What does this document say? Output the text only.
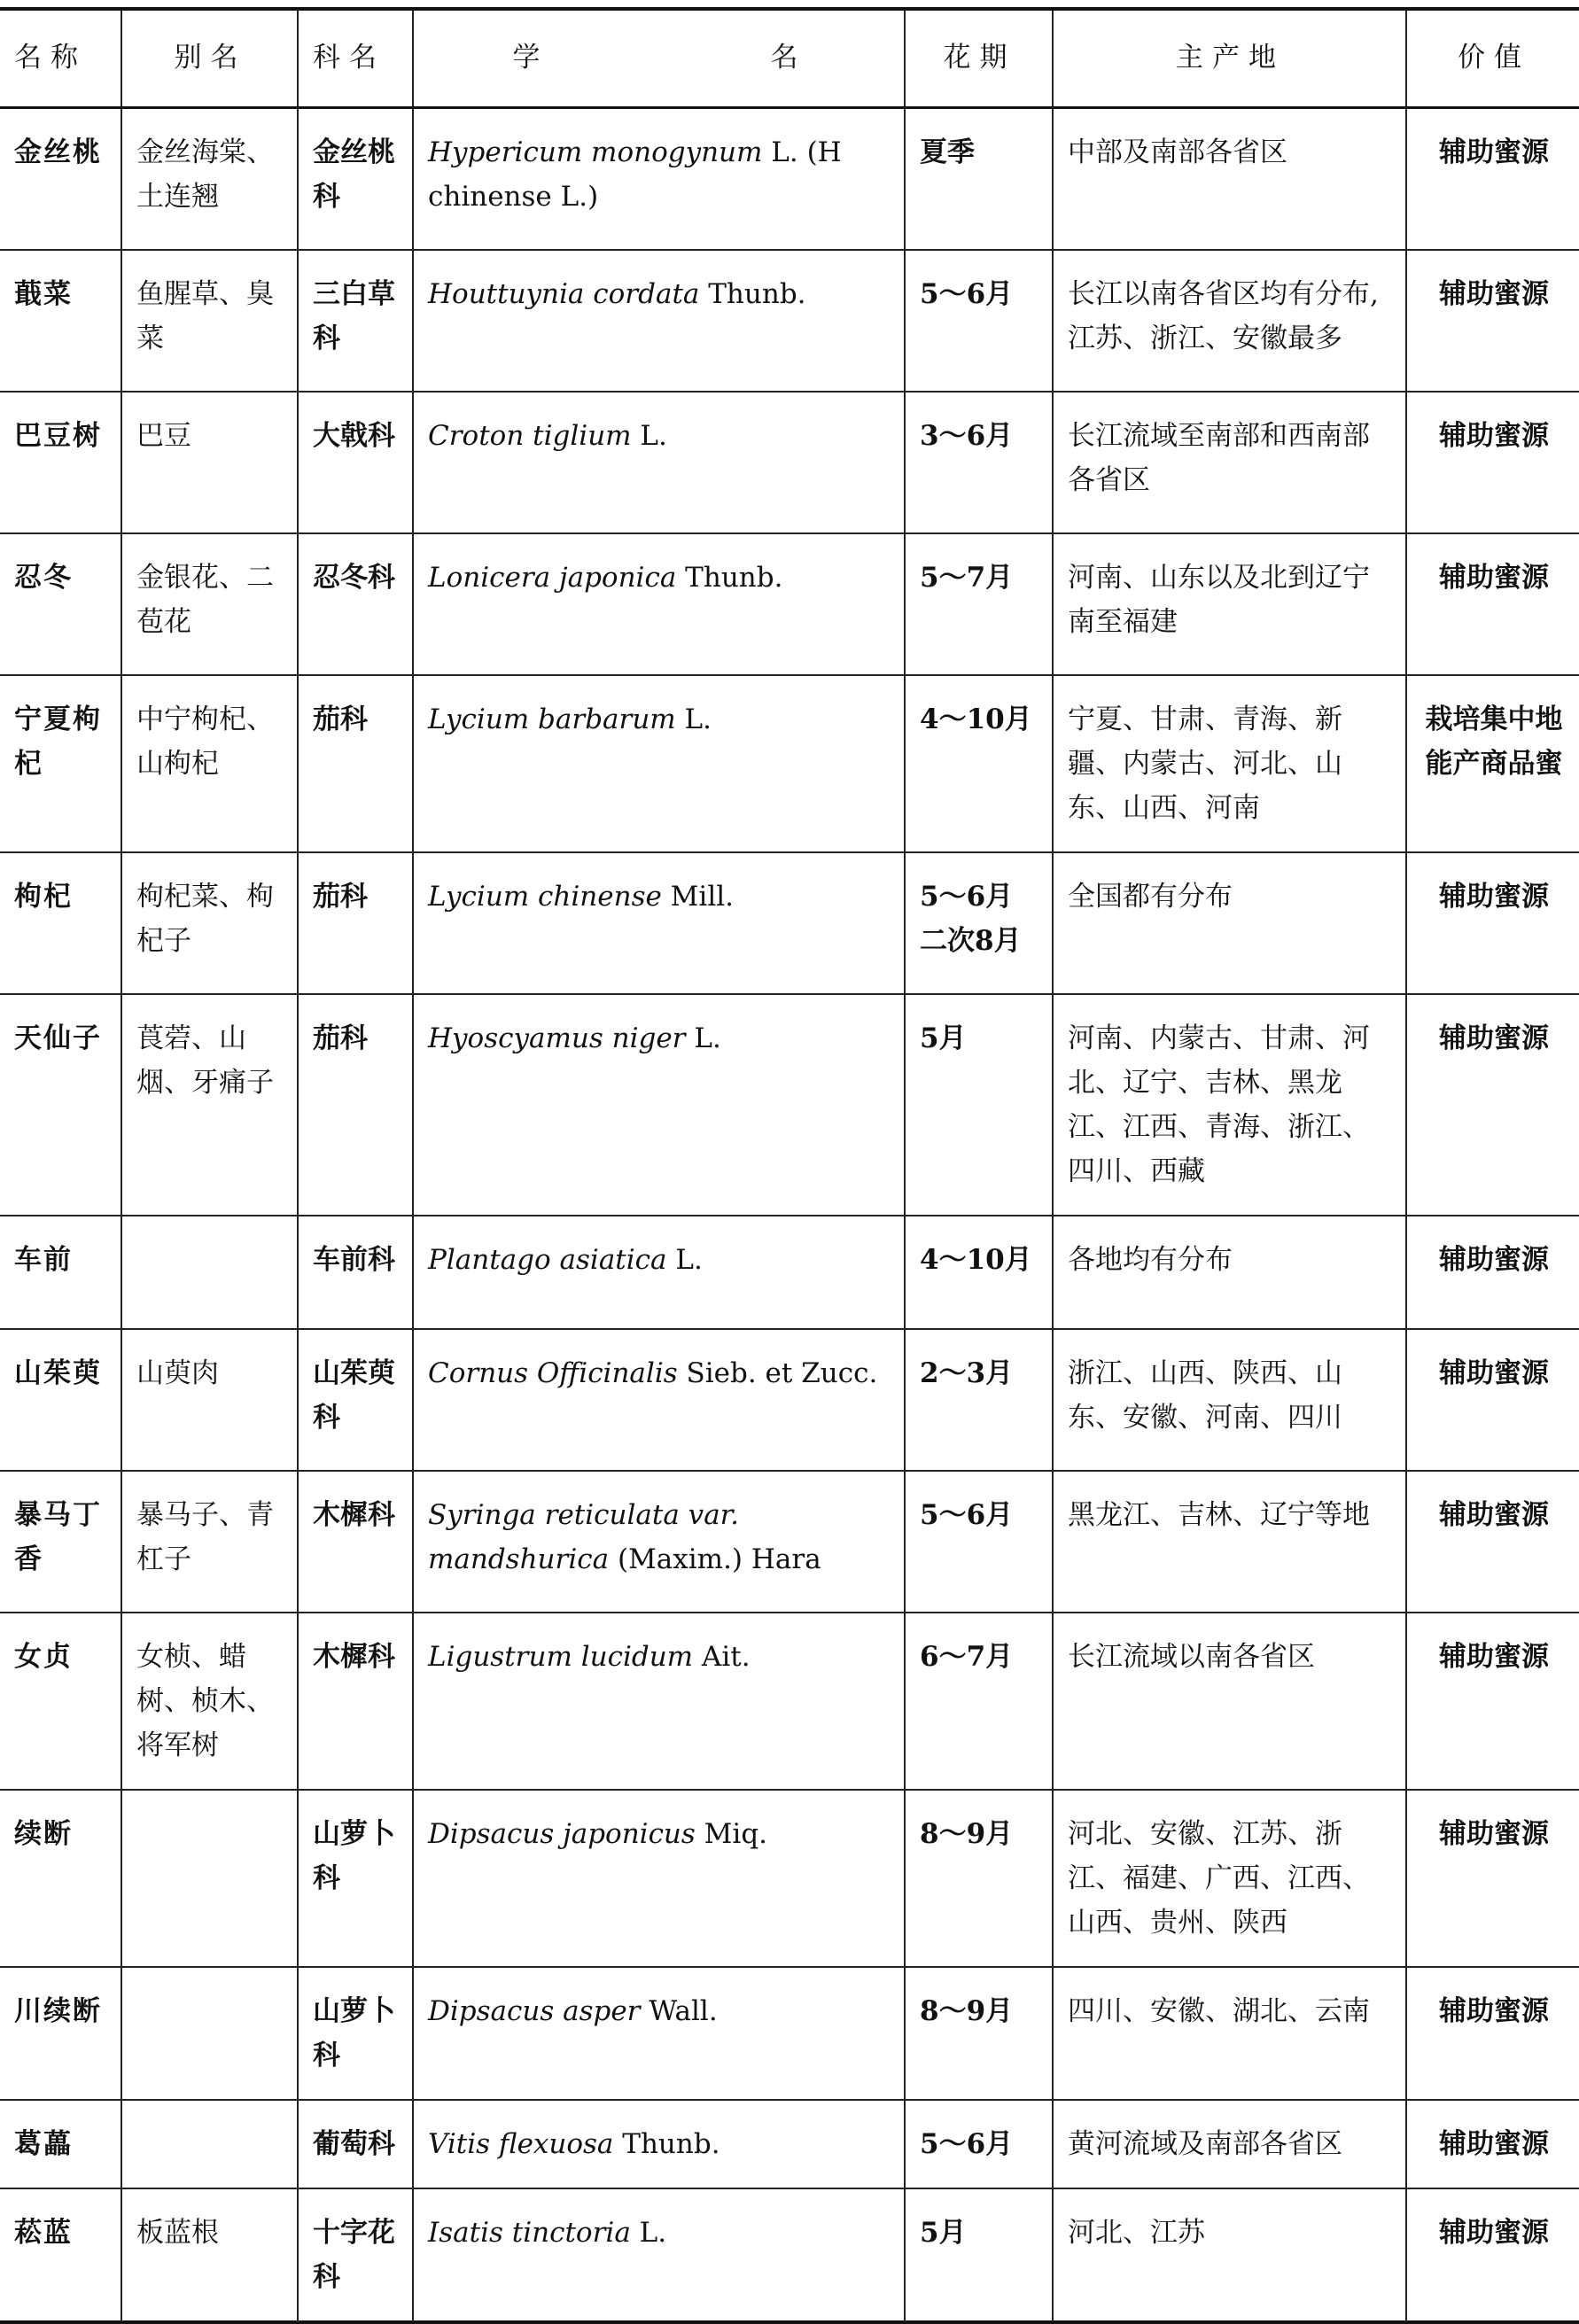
名称	别名	科名	学 名	花期	主产地	价值
金丝桃	金丝海棠、土连翘	金丝桃科	Hypericum monogynum L. (H chinense L.)	夏季	中部及南部各省区	辅助蜜源
蕺菜	鱼腥草、臭菜	三白草科	Houttuynia cordata Thunb.	5～6月	长江以南各省区均有分布,江苏、浙江、安徽最多	辅助蜜源
巴豆树	巴豆	大戟科	Croton tiglium L.	3～6月	长江流域至南部和西南部各省区	辅助蜜源
忍冬	金银花、二苞花	忍冬科	Lonicera japonica Thunb.	5～7月	河南、山东以及北到辽宁南至福建	辅助蜜源
宁夏枸杞	中宁枸杞、山枸杞	茄科	Lycium barbarum L.	4～10月	宁夏、甘肃、青海、新疆、内蒙古、河北、山东、山西、河南	栽培集中地能产商品蜜
枸杞	枸杞菜、枸杞子	茄科	Lycium chinense Mill.	5～6月二次8月	全国都有分布	辅助蜜源
天仙子	莨菪、山烟、牙痛子	茄科	Hyoscyamus niger L.	5月	河南、内蒙古、甘肃、河北、辽宁、吉林、黑龙江、江西、青海、浙江、四川、西藏	辅助蜜源
车前		车前科	Plantago asiatica L.	4～10月	各地均有分布	辅助蜜源
山茱萸	山萸肉	山茱萸科	Cornus Officinalis Sieb. et Zucc.	2～3月	浙江、山西、陕西、山东、安徽、河南、四川	辅助蜜源
暴马丁香	暴马子、青杠子	木樨科	Syringa reticulata var. mandshurica (Maxim.) Hara	5～6月	黑龙江、吉林、辽宁等地	辅助蜜源
女贞	女桢、蜡树、桢木、将军树	木樨科	Ligustrum lucidum Ait.	6～7月	长江流域以南各省区	辅助蜜源
续断		山萝卜科	Dipsacus japonicus Miq.	8～9月	河北、安徽、江苏、浙江、福建、广西、江西、山西、贵州、陕西	辅助蜜源
川续断		山萝卜科	Dipsacus asper Wall.	8～9月	四川、安徽、湖北、云南	辅助蜜源
葛藟		葡萄科	Vitis flexuosa Thunb.	5～6月	黄河流域及南部各省区	辅助蜜源
菘蓝	板蓝根	十字花科	Isatis tinctoria L.	5月	河北、江苏	辅助蜜源
